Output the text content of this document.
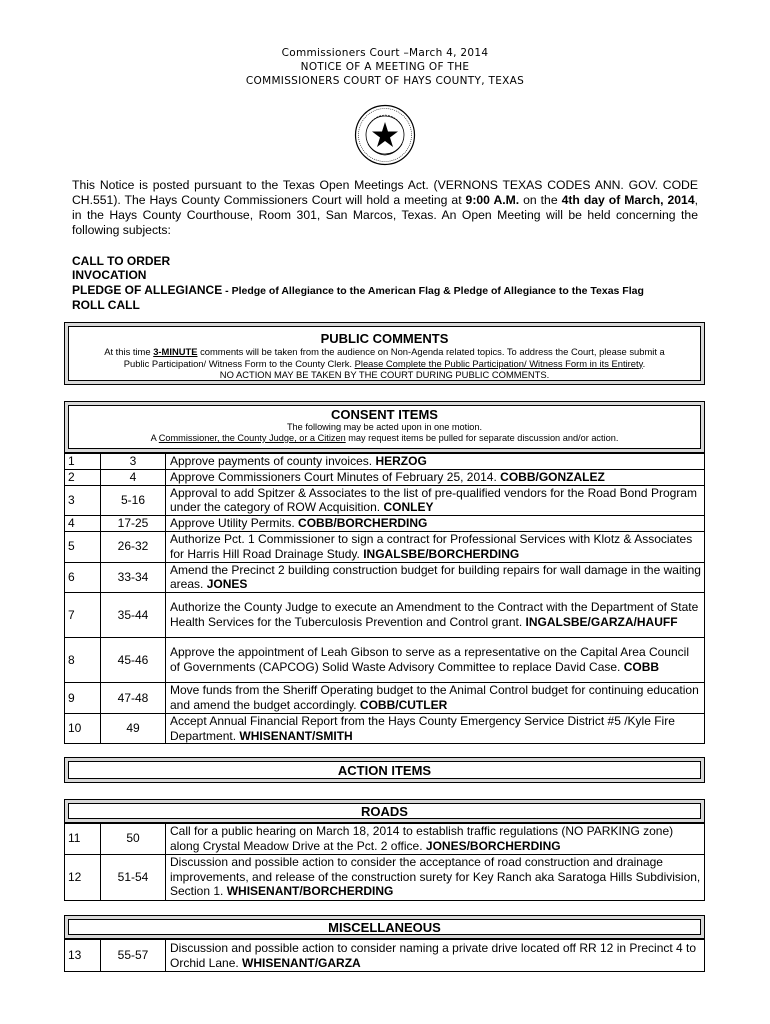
Commissioners Court –March 4, 2014
NOTICE OF A MEETING OF THE
COMMISSIONERS COURT OF HAYS COUNTY, TEXAS
This Notice is posted pursuant to the Texas Open Meetings Act. (VERNONS TEXAS CODES ANN. GOV. CODE CH.551). The Hays County Commissioners Court will hold a meeting at 9:00 A.M. on the 4th day of March, 2014, in the Hays County Courthouse, Room 301, San Marcos, Texas. An Open Meeting will be held concerning the following subjects:
CALL TO ORDER
INVOCATION
PLEDGE OF ALLEGIANCE - Pledge of Allegiance to the American Flag & Pledge of Allegiance to the Texas Flag
ROLL CALL
PUBLIC COMMENTS
At this time 3-MINUTE comments will be taken from the audience on Non-Agenda related topics. To address the Court, please submit a
Public Participation/ Witness Form to the County Clerk. Please Complete the Public Participation/ Witness Form in its Entirety.
NO ACTION MAY BE TAKEN BY THE COURT DURING PUBLIC COMMENTS.
CONSENT ITEMS
The following may be acted upon in one motion.
A Commissioner, the County Judge, or a Citizen may request items be pulled for separate discussion and/or action.
1	3	Approve payments of county invoices. HERZOG
2	4	Approve Commissioners Court Minutes of February 25, 2014. COBB/GONZALEZ
3	5-16	Approval to add Spitzer & Associates to the list of pre-qualified vendors for the Road Bond Program under the category of ROW Acquisition. CONLEY
4	17-25	Approve Utility Permits. COBB/BORCHERDING
5	26-32	Authorize Pct. 1 Commissioner to sign a contract for Professional Services with Klotz & Associates for Harris Hill Road Drainage Study. INGALSBE/BORCHERDING
6	33-34	Amend the Precinct 2 building construction budget for building repairs for wall damage in the waiting areas. JONES
7	35-44	Authorize the County Judge to execute an Amendment to the Contract with the Department of State Health Services for the Tuberculosis Prevention and Control grant. INGALSBE/GARZA/HAUFF
8	45-46	Approve the appointment of Leah Gibson to serve as a representative on the Capital Area Council of Governments (CAPCOG) Solid Waste Advisory Committee to replace David Case. COBB
9	47-48	Move funds from the Sheriff Operating budget to the Animal Control budget for continuing education and amend the budget accordingly. COBB/CUTLER
10	49	Accept Annual Financial Report from the Hays County Emergency Service District #5 /Kyle Fire Department. WHISENANT/SMITH
ACTION ITEMS
ROADS
11	50	Call for a public hearing on March 18, 2014 to establish traffic regulations (NO PARKING zone) along Crystal Meadow Drive at the Pct. 2 office. JONES/BORCHERDING
12	51-54	Discussion and possible action to consider the acceptance of road construction and drainage improvements, and release of the construction surety for Key Ranch aka Saratoga Hills Subdivision, Section 1. WHISENANT/BORCHERDING
MISCELLANEOUS
13	55-57	Discussion and possible action to consider naming a private drive located off RR 12 in Precinct 4 to Orchid Lane. WHISENANT/GARZA
